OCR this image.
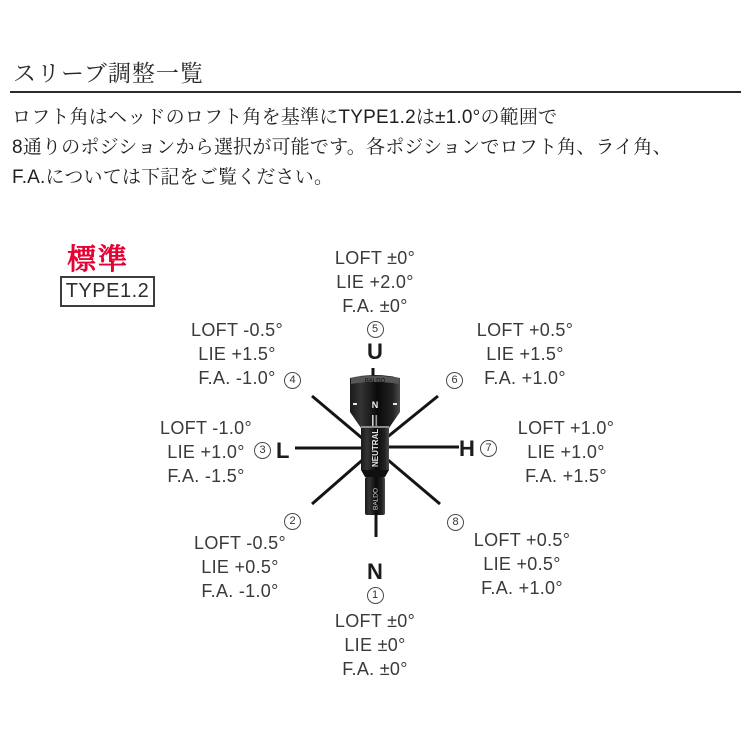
スリーブ調整一覧
ロフト角はヘッドのロフト角を基準にTYPE1.2は±1.0°の範囲で
8通りのポジションから選択が可能です。各ポジションでロフト角、ライ角、
F.A.については下記をご覧ください。
標準
TYPE1.2
BALDO
N
NEUTRAL
BALDO
LOFT ±0°
LIE +2.0°
F.A. ±0°
5
U
LOFT -0.5°
LIE +1.5°
F.A. -1.0°	4
LOFT +0.5°
LIE +1.5°
F.A. +1.0°
6
LOFT -1.0°
LIE +1.0°
F.A. -1.5°
3 L
LOFT +1.0°
LIE +1.0°
F.A. +1.5°
H 7
2
LOFT -0.5°
LIE +0.5°
F.A. -1.0°
8
LOFT +0.5°
LIE +0.5°
F.A. +1.0°
N
1
LOFT ±0°
LIE ±0°
F.A. ±0°
